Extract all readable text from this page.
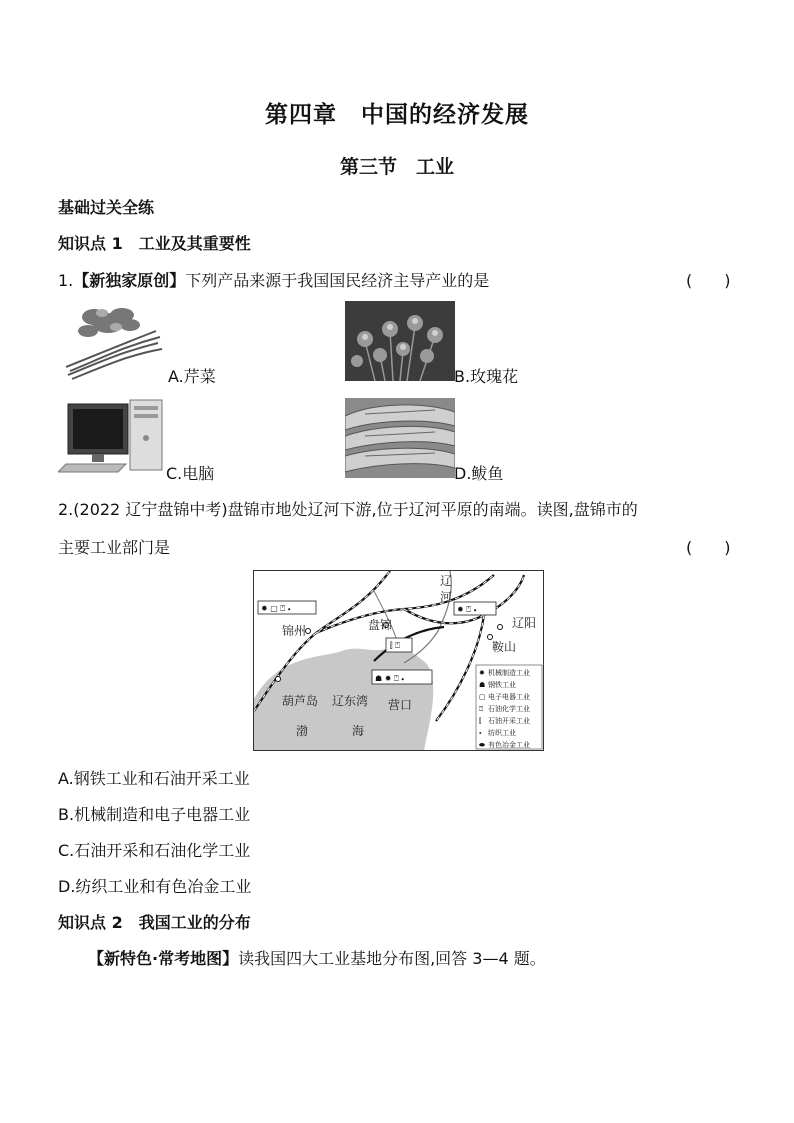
第四章　中国的经济发展
第三节　工业
基础过关全练
知识点 1　工业及其重要性
1.【新独家原创】下列产品来源于我国国民经济主导产业的是	(　　)
A.芹菜	B.玫瑰花
C.电脑	D.鲅鱼
2.(2022 辽宁盘锦中考)盘锦市地处辽河下游,位于辽河平原的南端。读图,盘锦市的
主要工业部门是	(　　)
✹ ▢ ⍞ ⬩	✹ ⍞ ⬩
⫿ ⍞
☗ ✹ ⍞ ⬩
辽
河
锦州	盘锦	辽阳
鞍山
葫芦岛 辽东湾 营口
渤	海
✹
☗
▢
⍞
⫿
⬩
⬬
机械制造工业
钢铁工业
电子电器工业
石油化学工业
石油开采工业
纺织工业
有色冶金工业
A.钢铁工业和石油开采工业
B.机械制造和电子电器工业
C.石油开采和石油化学工业
D.纺织工业和有色冶金工业
知识点 2　我国工业的分布
【新特色·常考地图】读我国四大工业基地分布图,回答 3—4 题。
